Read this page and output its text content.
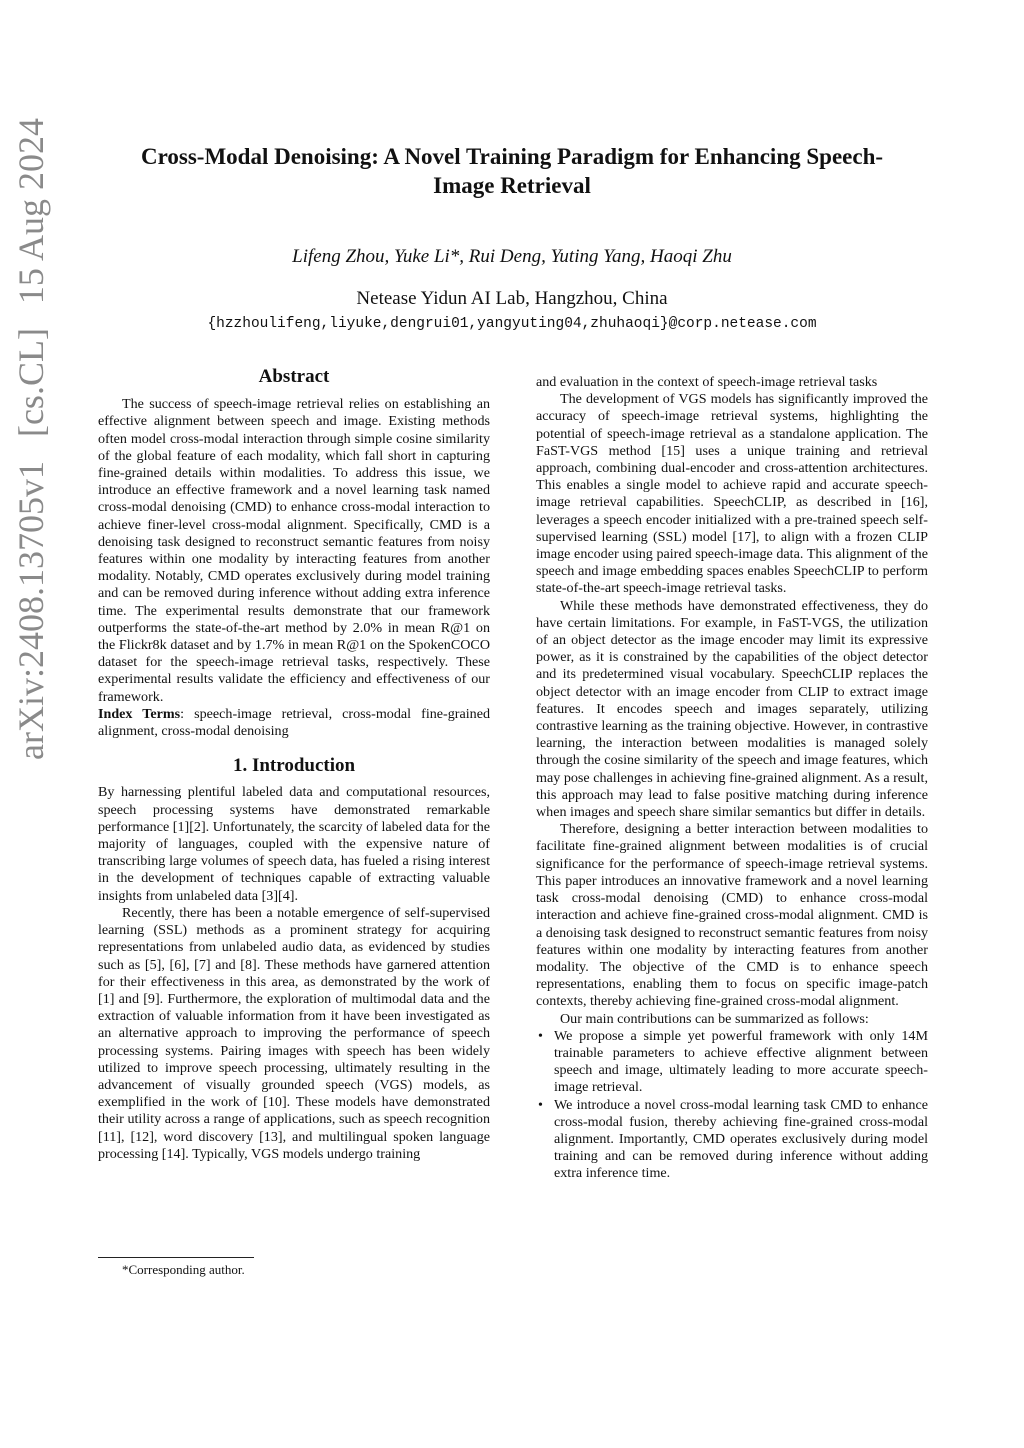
arXiv:2408.13705v1[cs.CL]15 Aug 2024	Cross-Modal Denoising: A Novel Training Paradigm for Enhancing Speech-Image Retrieval
Lifeng Zhou, Yuke Li*, Rui Deng, Yuting Yang, Haoqi Zhu
Netease Yidun AI Lab, Hangzhou, China
{hzzhoulifeng,liyuke,dengrui01,yangyuting04,zhuhaoqi}@corp.netease.com
Abstract

The success of speech-image retrieval relies on establishing an effective alignment between speech and image. Existing methods often model cross-modal interaction through simple cosine similarity of the global feature of each modality, which fall short in capturing fine-grained details within modalities. To address this issue, we introduce an effective framework and a novel learning task named cross-modal denoising (CMD) to enhance cross-modal interaction to achieve finer-level cross-modal alignment. Specifically, CMD is a denoising task designed to reconstruct semantic features from noisy features within one modality by interacting features from another modality. Notably, CMD operates exclusively during model training and can be removed during inference without adding extra inference time. The experimental results demonstrate that our framework outperforms the state-of-the-art method by 2.0% in mean R@1 on the Flickr8k dataset and by 1.7% in mean R@1 on the SpokenCOCO dataset for the speech-image retrieval tasks, respectively. These experimental results validate the efficiency and effectiveness of our framework.

Index Terms: speech-image retrieval, cross-modal fine-grained alignment, cross-modal denoising

1. Introduction

By harnessing plentiful labeled data and computational resources, speech processing systems have demonstrated remarkable performance [1][2]. Unfortunately, the scarcity of labeled data for the majority of languages, coupled with the expensive nature of transcribing large volumes of speech data, has fueled a rising interest in the development of techniques capable of extracting valuable insights from unlabeled data [3][4].

Recently, there has been a notable emergence of self-supervised learning (SSL) methods as a prominent strategy for acquiring representations from unlabeled audio data, as evidenced by studies such as [5], [6], [7] and [8]. These methods have garnered attention for their effectiveness in this area, as demonstrated by the work of [1] and [9]. Furthermore, the exploration of multimodal data and the extraction of valuable information from it have been investigated as an alternative approach to improving the performance of speech processing systems. Pairing images with speech has been widely utilized to improve speech processing, ultimately resulting in the advancement of visually grounded speech (VGS) models, as exemplified in the work of [10]. These models have demonstrated their utility across a range of applications, such as speech recognition [11], [12], word discovery [13], and multilingual spoken language processing [14]. Typically, VGS models undergo training

*Corresponding author.

and evaluation in the context of speech-image retrieval tasks

The development of VGS models has significantly improved the accuracy of speech-image retrieval systems, highlighting the potential of speech-image retrieval as a standalone application. The FaST-VGS method [15] uses a unique training and retrieval approach, combining dual-encoder and cross-attention architectures. This enables a single model to achieve rapid and accurate speech-image retrieval capabilities. SpeechCLIP, as described in [16], leverages a speech encoder initialized with a pre-trained speech self-supervised learning (SSL) model [17], to align with a frozen CLIP image encoder using paired speech-image data. This alignment of the speech and image embedding spaces enables SpeechCLIP to perform state-of-the-art speech-image retrieval tasks.

While these methods have demonstrated effectiveness, they do have certain limitations. For example, in FaST-VGS, the utilization of an object detector as the image encoder may limit its expressive power, as it is constrained by the capabilities of the object detector and its predetermined visual vocabulary. SpeechCLIP replaces the object detector with an image encoder from CLIP to extract image features. It encodes speech and images separately, utilizing contrastive learning as the training objective. However, in contrastive learning, the interaction between modalities is managed solely through the cosine similarity of the speech and image features, which may pose challenges in achieving fine-grained alignment. As a result, this approach may lead to false positive matching during inference when images and speech share similar semantics but differ in details.

Therefore, designing a better interaction between modalities to facilitate fine-grained alignment between modalities is of crucial significance for the performance of speech-image retrieval systems. This paper introduces an innovative framework and a novel learning task cross-modal denoising (CMD) to enhance cross-modal interaction and achieve fine-grained cross-modal alignment. CMD is a denoising task designed to reconstruct semantic features from noisy features within one modality by interacting features from another modality. The objective of the CMD is to enhance speech representations, enabling them to focus on specific image-patch contexts, thereby achieving fine-grained cross-modal alignment.

Our main contributions can be summarized as follows:

• We propose a simple yet powerful framework with only 14M trainable parameters to achieve effective alignment between speech and image, ultimately leading to more accurate speech-image retrieval.
• We introduce a novel cross-modal learning task CMD to enhance cross-modal fusion, thereby achieving fine-grained cross-modal alignment. Importantly, CMD operates exclusively during model training and can be removed during inference without adding extra inference time.
